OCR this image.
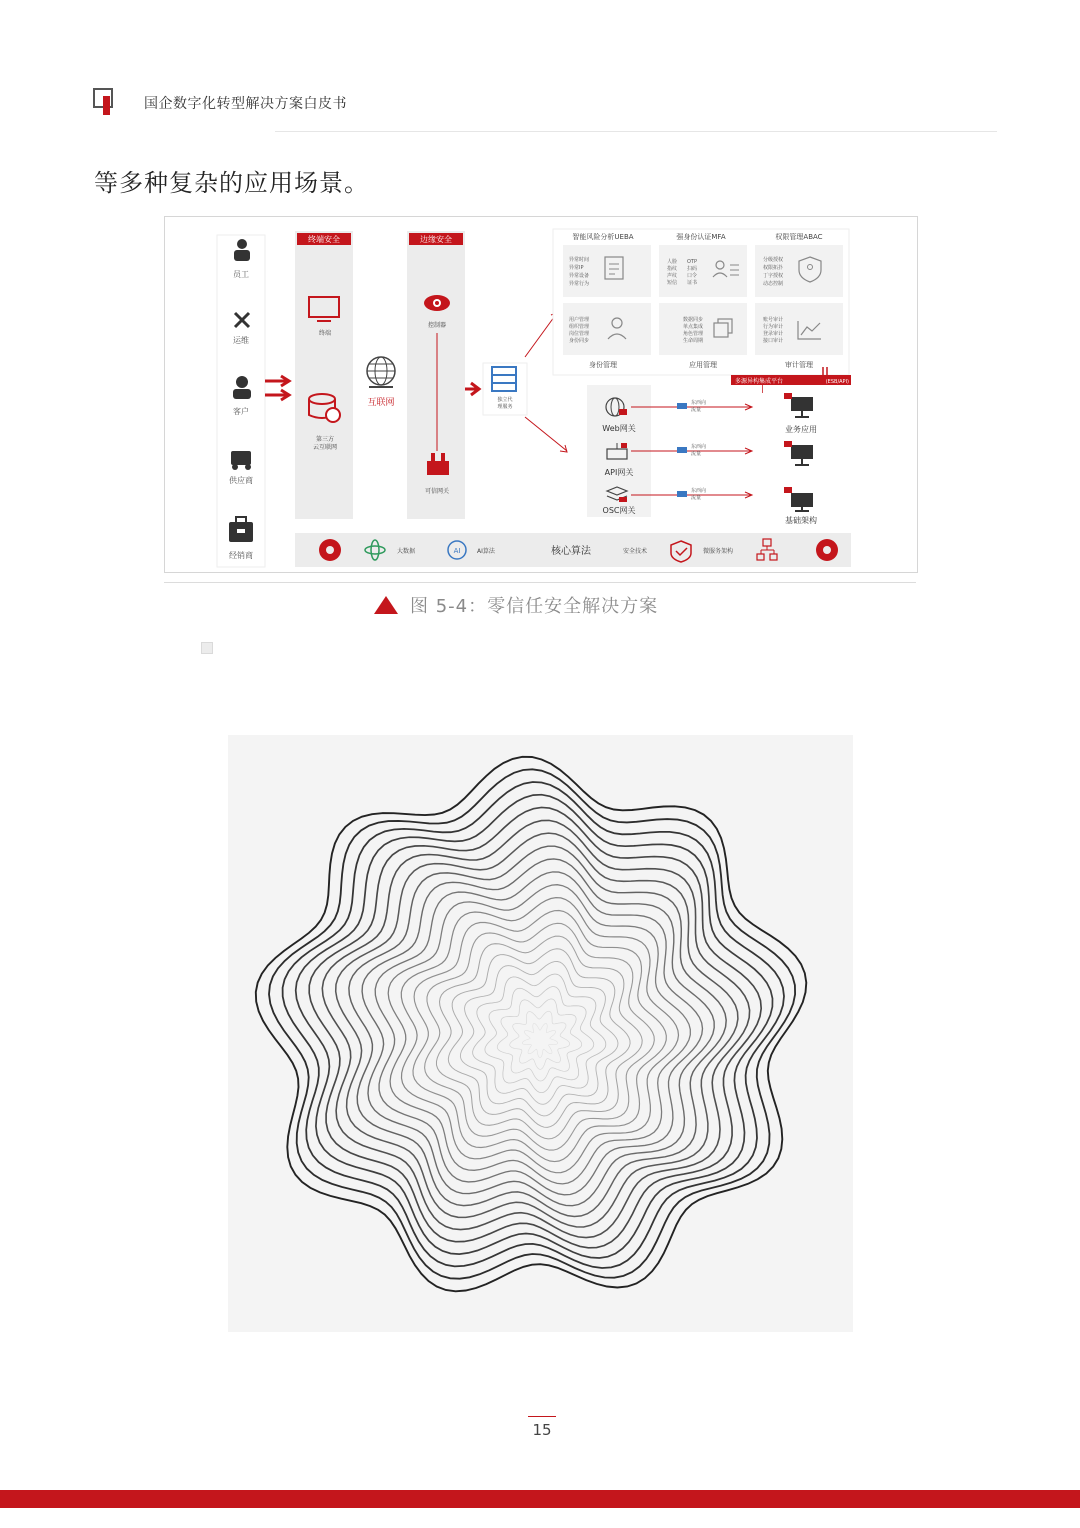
国企数字化转型解决方案白皮书
等多种复杂的应用场景。
员工
运维
客户
供应商
经销商
终端安全
终端
第三方
云互联网
互联网
边缘安全
控制器
可信网关
独立代
理服务
智能风险分析UEBA
异常时间
异常IP
异常设备
异常行为
强身份认证MFA
人脸
指纹
声纹
短信
OTP
扫码
口令
证书
权限管理ABAC
分级授权
权限拓扑
丁字授权
动态控制
用户管理
组织管理
岗位管理
身份同步
身份管理
数据同步
单点集成
角色管理
生命周期
应用管理
账号审计
行为审计
登录审计
接口审计
审计管理
多源异构集成平台	(ESB/API)
Web网关
API网关
OSC网关
东西向
流量
东西向
流量
东西向
流量
业务应用
基础架构
大数据	AI	AI算法	核心算法	安全技术	微服务架构
图 5-4：零信任安全解决方案
15
